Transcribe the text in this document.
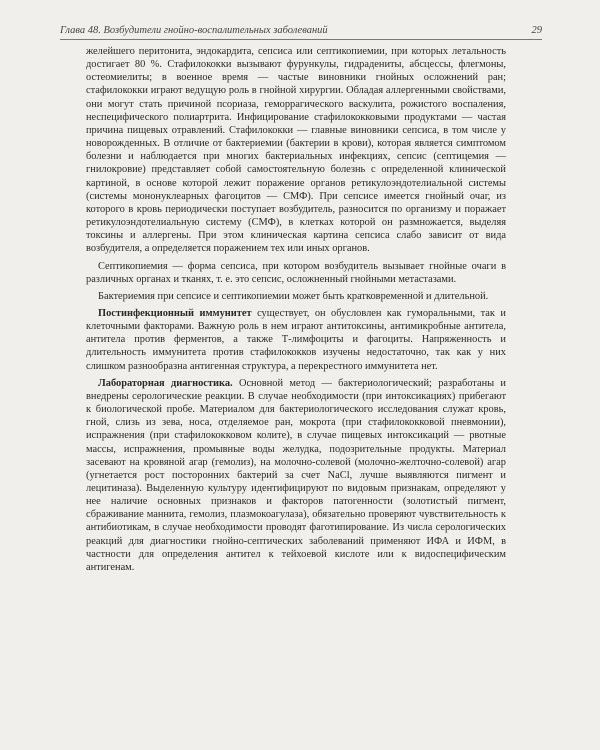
Глава 48. Возбудители гнойно-воспалительных заболеваний	29

желейшего перитонита, эндокардита, сепсиса или септикопиемии, при которых летальность достигает 80 %. Стафилококки вызывают фурункулы, гидрадениты, абсцессы, флегмоны, остеомиелиты; в военное время — частые виновники гнойных осложнений ран; стафилококки играют ведущую роль в гнойной хирургии. Обладая аллергенными свойствами, они могут стать причиной псориаза, геморрагического васкулита, рожистого воспаления, неспецифического полиартрита. Инфицирование стафилококковыми продуктами — частая причина пищевых отравлений. Стафилококки — главные виновники сепсиса, в том числе у новорожденных. В отличие от бактериемии (бактерии в крови), которая является симптомом болезни и наблюдается при многих бактериальных инфекциях, сепсис (септицемия — гнилокровие) представляет собой самостоятельную болезнь с определенной клинической картиной, в основе которой лежит поражение органов ретикулоэндотелиальной системы (системы мононуклеарных фагоцитов — СМФ). При сепсисе имеется гнойный очаг, из которого в кровь периодически поступает возбудитель, разносится по организму и поражает ретикулоэндотелиальную систему (СМФ), в клетках которой он размножается, выделяя токсины и аллергены. При этом клиническая картина сепсиса слабо зависит от вида возбудителя, а определяется поражением тех или иных органов.

Септикопиемия — форма сепсиса, при котором возбудитель вызывает гнойные очаги в различных органах и тканях, т. е. это сепсис, осложненный гнойными метастазами.

Бактериемия при сепсисе и септикопиемии может быть кратковременной и длительной.

Постинфекционный иммунитет существует, он обусловлен как гуморальными, так и клеточными факторами. Важную роль в нем играют антитоксины, антимикробные антитела, антитела против ферментов, а также Т-лимфоциты и фагоциты. Напряженность и длительность иммунитета против стафилококков изучены недостаточно, так как у них слишком разнообразна антигенная структура, а перекрестного иммунитета нет.

Лабораторная диагностика. Основной метод — бактериологический; разработаны и внедрены серологические реакции. В случае необходимости (при интоксикациях) прибегают к биологической пробе. Материалом для бактериологического исследования служат кровь, гной, слизь из зева, носа, отделяемое ран, мокрота (при стафилококковой пневмонии), испражнения (при стафилококковом колите), в случае пищевых интоксикаций — рвотные массы, испражнения, промывные воды желудка, подозрительные продукты. Материал засевают на кровяной агар (гемолиз), на молочно-солевой (молочно-желточно-солевой) агар (угнетается рост посторонних бактерий за счет NaCl, лучше выявляются пигмент и лецитиназа). Выделенную культуру идентифицируют по видовым признакам, определяют у нее наличие основных признаков и факторов патогенности (золотистый пигмент, сбраживание маннита, гемолиз, плазмокоагулаза), обязательно проверяют чувствительность к антибиотикам, в случае необходимости проводят фаготипирование. Из числа серологических реакций для диагностики гнойно-септических заболеваний применяют ИФА и ИФМ, в частности для определения антител к тейхоевой кислоте или к видоспецифическим антигенам.
